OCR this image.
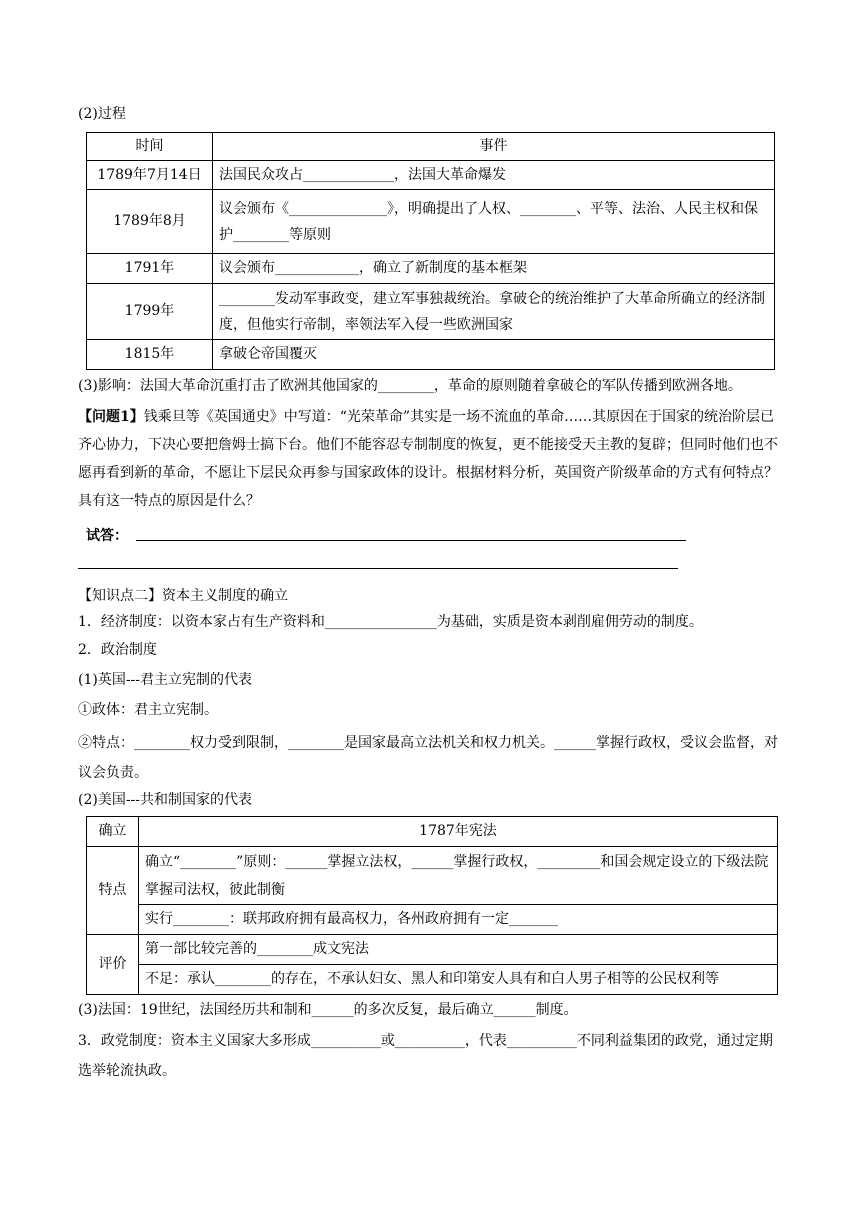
(2)过程

时间	事件
1789年7月14日	法国民众攻占_____________，法国大革命爆发
1789年8月	议会颁布《______________》，明确提出了人权、________、平等、法治、人民主权和保护________等原则
1791年	议会颁布____________，确立了新制度的基本框架
1799年	________发动军事政变，建立军事独裁统治。拿破仑的统治维护了大革命所确立的经济制度，但他实行帝制，率领法军入侵一些欧洲国家
1815年	拿破仑帝国覆灭

(3)影响：法国大革命沉重打击了欧洲其他国家的________，革命的原则随着拿破仑的军队传播到欧洲各地。

【问题1】钱乘旦等《英国通史》中写道：“光荣革命”其实是一场不流血的革命……其原因在于国家的统治阶层已齐心协力，下决心要把詹姆士搞下台。他们不能容忍专制制度的恢复，更不能接受天主教的复辟；但同时他们也不愿再看到新的革命，不愿让下层民众再参与国家政体的设计。根据材料分析，英国资产阶级革命的方式有何特点？具有这一特点的原因是什么？

试答：

【知识点二】资本主义制度的确立

1．经济制度：以资本家占有生产资料和________________为基础，实质是资本剥削雇佣劳动的制度。

2．政治制度

(1)英国---君主立宪制的代表

①政体：君主立宪制。

②特点：________权力受到限制，________是国家最高立法机关和权力机关。______掌握行政权，受议会监督，对议会负责。

(2)美国---共和制国家的代表

确立	1787年宪法
特点	确立“________”原则：______掌握立法权，______掌握行政权，_________和国会规定设立的下级法院掌握司法权，彼此制衡
	实行________：联邦政府拥有最高权力，各州政府拥有一定_______
评价	第一部比较完善的________成文宪法
	不足：承认________的存在，不承认妇女、黑人和印第安人具有和白人男子相等的公民权利等

(3)法国：19世纪，法国经历共和制和______的多次反复，最后确立______制度。

3．政党制度：资本主义国家大多形成__________或__________，代表__________不同利益集团的政党，通过定期选举轮流执政。
